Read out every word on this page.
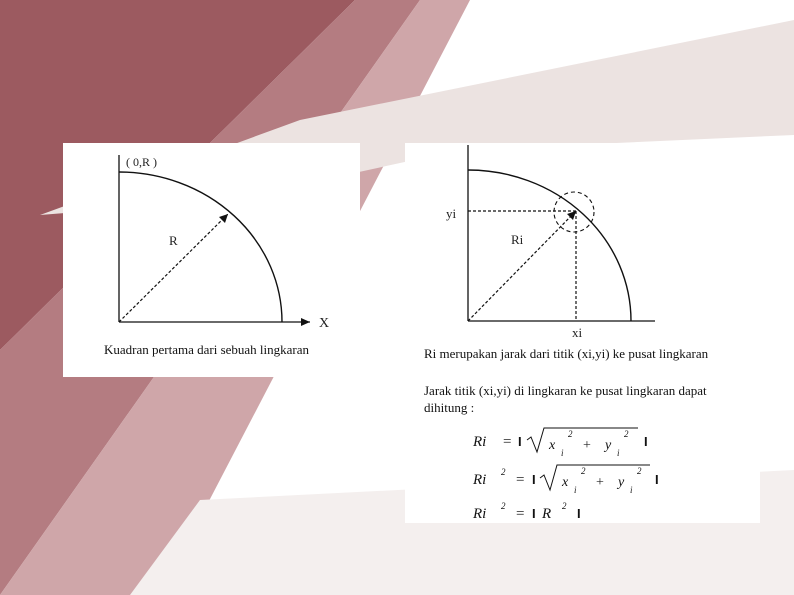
( 0,R )
R
X
Kuadran pertama dari sebuah lingkaran
yi
Ri
xi
Ri merupakan jarak dari titik (xi,yi) ke pusat lingkaran
Jarak titik (xi,yi) di lingkaran ke pusat lingkaran dapat
dihitung :
Ri = I x i
2
+ y i
2 I
Ri 2 = I x i
2
+ y i
2
I
Ri 2 = I R 2 I
